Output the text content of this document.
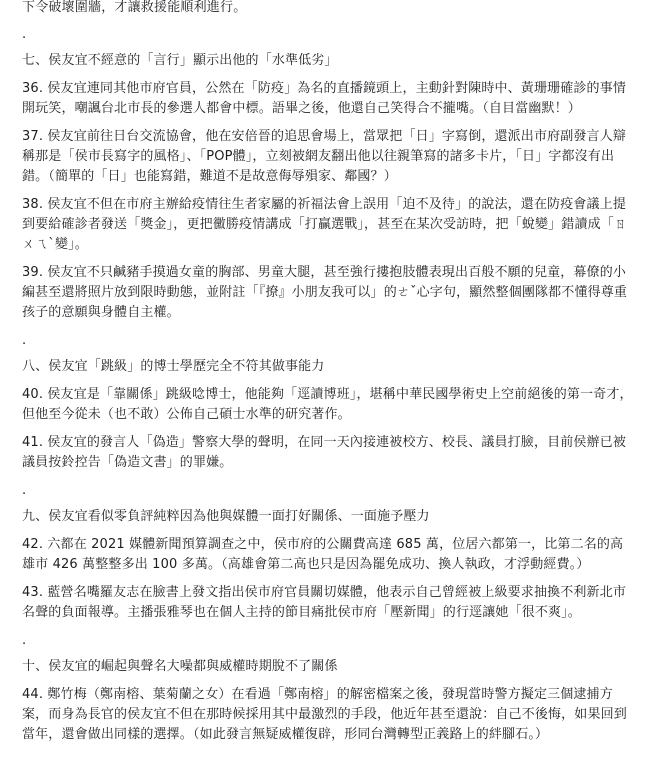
下令破壞圍牆，才讓救援能順利進行。

.

七、侯友宜不經意的「言行」顯示出他的「水準低劣」

36. 侯友宜連同其他市府官員，公然在「防疫」為名的直播鏡頭上，主動針對陳時中、黃珊珊確診的事情開玩笑，嘲諷台北市長的參選人都會中標。語畢之後，他還自己笑得合不攏嘴。（自目當幽默！）

37. 侯友宜前往日台交流協會，他在安倍晉的追思會場上，當眾把「日」字寫倒，還派出市府副發言人辯稱那是「侯市長寫字的風格」、「POP體」，立刻被網友翻出他以往親筆寫的諸多卡片，「日」字都沒有出錯。（簡單的「日」也能寫錯，難道不是故意侮辱殞家、鄰國？）

38. 侯友宜不但在市府主辦給疫情往生者家屬的祈福法會上誤用「迫不及待」的說法，還在防疫會議上提到要給確診者發送「獎金」，更把黴勝疫情講成「打贏選戰」，甚至在某次受訪時，把「蛻變」錯讀成「ㄖㄨㄟˋ變」。

39. 侯友宜不只鹹豬手摸過女童的胸部、男童大腿，甚至強行摟抱肢體表現出百般不願的兒童，幕僚的小編甚至還將照片放到限時動態，並附註「『撩』小朋友我可以」的ㄜˇ心字句，顯然整個團隊都不懂得尊重孩子的意願與身體自主權。

.

八、侯友宜「跳級」的博士學歷完全不符其做事能力

40. 侯友宜是「靠關係」跳級唸博士，他能夠「逕讀博班」，堪稱中華民國學術史上空前絕後的第一奇才，但他至今從未（也不敢）公佈自己碩士水準的研究著作。

41. 侯友宜的發言人「偽造」警察大學的聲明，在同一天內接連被校方、校長、議員打臉，目前侯辦已被議員按鈴控告「偽造文書」的罪嫌。

.

九、侯友宜看似零負評純粹因為他與媒體一面打好關係、一面施予壓力

42. 六都在 2021 媒體新聞預算調查之中，侯市府的公關費高達 685 萬，位居六都第一，比第二名的高雄市 426 萬整整多出 100 多萬。（高雄會第二高也只是因為罷免成功、換人執政，才浮動經費。）

43. 藍營名嘴羅友志在臉書上發文指出侯市府官員關切媒體，他表示自己曾經被上級要求抽換不利新北市名聲的負面報導。主播張雅琴也在個人主持的節目痛批侯市府「壓新聞」的行逕讓她「很不爽」。

.

十、侯友宜的崛起與聲名大噪都與威權時期脫不了關係

44. 鄭竹梅（鄭南榕、葉菊蘭之女）在看過「鄭南榕」的解密檔案之後，發現當時警方擬定三個逮捕方案，而身為長官的侯友宜不但在那時候採用其中最激烈的手段，他近年甚至還說：自己不後悔，如果回到當年，還會做出同樣的選擇。（如此發言無疑威權復辟，形同台灣轉型正義路上的絆腳石。）
